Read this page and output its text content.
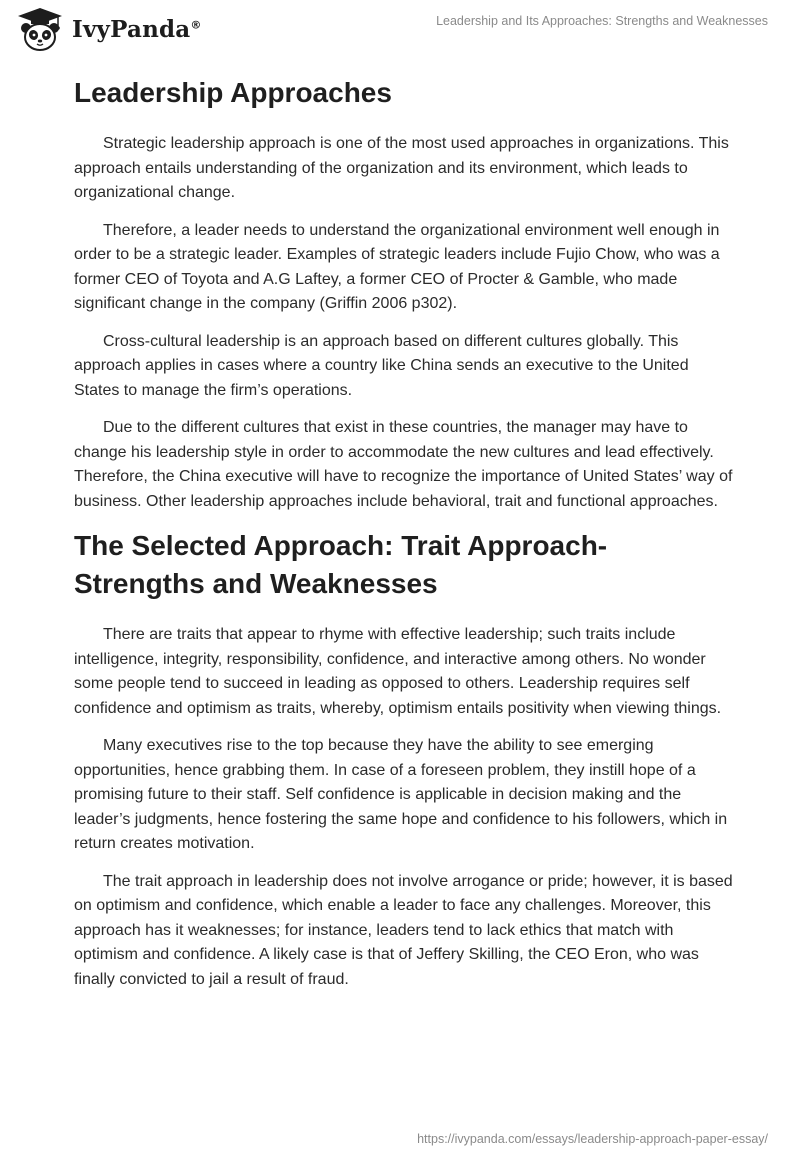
IvyPanda®	Leadership and Its Approaches: Strengths and Weaknesses
Leadership Approaches

Strategic leadership approach is one of the most used approaches in organizations. This approach entails understanding of the organization and its environment, which leads to organizational change.

Therefore, a leader needs to understand the organizational environment well enough in order to be a strategic leader. Examples of strategic leaders include Fujio Chow, who was a former CEO of Toyota and A.G Laftey, a former CEO of Procter & Gamble, who made significant change in the company (Griffin 2006 p302).

Cross-cultural leadership is an approach based on different cultures globally. This approach applies in cases where a country like China sends an executive to the United States to manage the firm’s operations.

Due to the different cultures that exist in these countries, the manager may have to change his leadership style in order to accommodate the new cultures and lead effectively. Therefore, the China executive will have to recognize the importance of United States’ way of business. Other leadership approaches include behavioral, trait and functional approaches.

The Selected Approach: Trait Approach-Strengths and Weaknesses

There are traits that appear to rhyme with effective leadership; such traits include intelligence, integrity, responsibility, confidence, and interactive among others. No wonder some people tend to succeed in leading as opposed to others. Leadership requires self confidence and optimism as traits, whereby, optimism entails positivity when viewing things.

Many executives rise to the top because they have the ability to see emerging opportunities, hence grabbing them. In case of a foreseen problem, they instill hope of a promising future to their staff. Self confidence is applicable in decision making and the leader’s judgments, hence fostering the same hope and confidence to his followers, which in return creates motivation.

The trait approach in leadership does not involve arrogance or pride; however, it is based on optimism and confidence, which enable a leader to face any challenges. Moreover, this approach has it weaknesses; for instance, leaders tend to lack ethics that match with optimism and confidence. A likely case is that of Jeffery Skilling, the CEO Eron, who was finally convicted to jail a result of fraud.

https://ivypanda.com/essays/leadership-approach-paper-essay/
